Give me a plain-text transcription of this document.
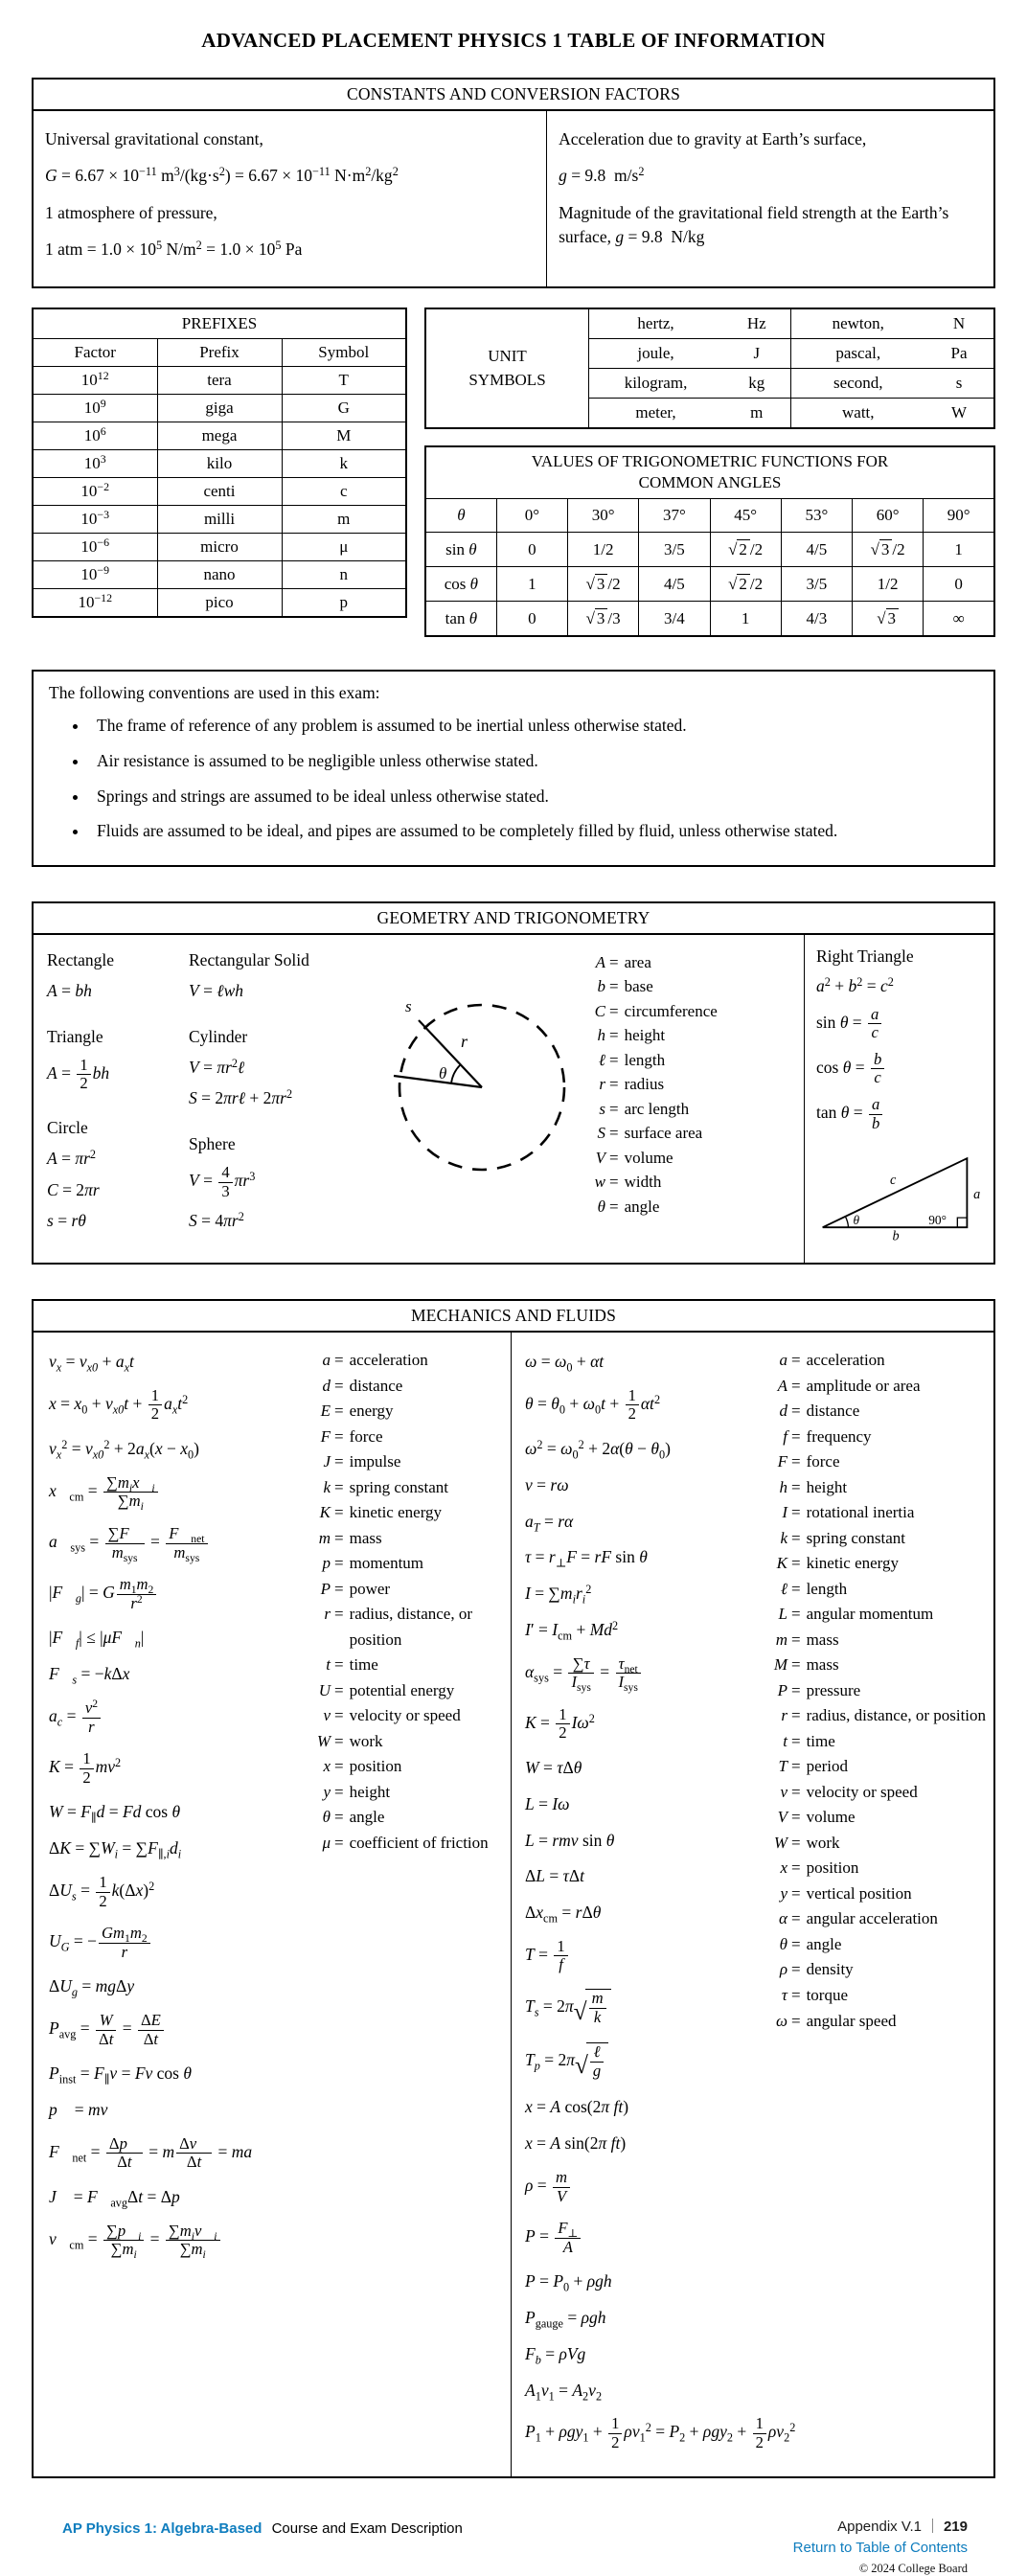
ADVANCED PLACEMENT PHYSICS 1 TABLE OF INFORMATION
CONSTANTS AND CONVERSION FACTORS
Universal gravitational constant,
$G = 6.67 \times 10^{-11}$ $m^3/(kg\cdot s^2) = 6.67 \times 10^{-11}$ $N\cdot m^2/kg^2$
1 atmosphere of pressure,
1 atm = $1.0 \times 10^5$ $N/m^2 = 1.0 \times 10^5$ Pa
Acceleration due to gravity at Earth’s surface,
g = 9.8  $m/s^2$
Magnitude of the gravitational field strength at the Earth’s surface, g = 9.8  N/kg
PREFIXES		
Factor	Prefix	Symbol
$10^{12}$	tera	T
$10^9$	giga	G
$10^6$	mega	M
$10^3$	kilo	k
$10^{-2}$	centi	c
$10^{-3}$	milli	m
$10^{-6}$	micro	μ
$10^{-9}$	nano	n
$10^{-12}$	pico	p
UNIT
SYMBOLS
hertz,	Hz	newton,	N
joule,	J	pascal,	Pa
kilogram,	kg	second,	s
meter,	m	watt,	W
VALUES OF TRIGONOMETRIC FUNCTIONS FOR
COMMON ANGLES							
θ	0°	30°	37°	45°	53°	60°	90°
sin θ	0	1/2	3/5	√ 2 /2	4/5	√ 3 /2	1
cos θ	1	√ 3 /2	4/5	√ 2 /2	3/5	1/2	0
tan θ	0	√ 3 /3	3/4	1	4/3	√ 3	∞
The following conventions are used in this exam:
• The frame of reference of any problem is assumed to be inertial unless otherwise stated.
• Air resistance is assumed to be negligible unless otherwise stated.
• Springs and strings are assumed to be ideal unless otherwise stated.
• Fluids are assumed to be ideal, and pipes are assumed to be completely filled by fluid, unless otherwise stated.
GEOMETRY AND TRIGONOMETRY
Rectangle
A = bh
Triangle
$A = \frac{1}{2}$ bh
Circle
$A = \pi r^2$
C = 2πr
s = rθ
Rectangular Solid
V = ℓwh
Cylinder
$V = \pi r^2\ell$
S = 2πrℓ + $2\pi r^2$
Sphere
$V = \frac{4}{3} \pi r^3$
$S = 4\pi r^2$
s
θ
r
A = area
b = base
C = circumference
h = height
ℓ = length
r = radius
s = arc length
S = surface area
V = volume
w = width
θ = angle
Right Triangle
$a^2 + b^2 = c^2$
$\sin \theta = \frac{a}{c}$
$\cos \theta = \frac{b}{c}$
$\tan \theta = \frac{a}{b}$
c
a
b
θ	90°
MECHANICS AND FLUIDS
$v_x = v_{x0} + a_xt$
$x = x_0 + v_{x0}t + \frac{1}{2} a_xt^2$
$v_x^2 = v_{x0}^2 + 2a_x(x - x_0)$
$x⃗_{cm}$ = $\sum m_ix⃗_i$
$\sum m_i$
$a⃗_{sys}$ = ∑F⃗
$m_{sys}$
= $F⃗_{net}$
$m_{sys}$
$|F⃗_g| = G \frac{m_1m_2}{r^2}$
$|F⃗_f|$ ≤ $|\mu F⃗_n|$
$F⃗_s$ = −kΔx⃗
$a_c = \frac{v^2}{r}$
$K = \frac{1}{2} mv^2$
$W = F_\parallel d = Fd$ cos θ
$\Delta K = \sum W_i = \sum F_{\parallel,i}d_i$
$\Delta U_s = \frac{1}{2} k(\Delta x)^2$
$U_G$ = − $\frac{Gm_1m_2}{r}$
$\Delta U_g = mg\Delta y$
$P_{avg} = \frac{W}{\Delta t} = \frac{\Delta E}{\Delta t}$
$P_{inst} = F_\parallel v = Fv$ cos θ
p⃗ = mv⃗
$F⃗_{net} = \frac{\Delta p⃗}{\Delta t} = m \frac{\Delta v⃗}{\Delta t}$ = ma⃗
J⃗ = $F⃗_{avg}\Delta t$ = Δp⃗
$v⃗_{cm} = \frac{\sum p⃗_i}{\sum m_i}$ = $\sum m_iv⃗_i$
$\sum m_i$
a = acceleration
d = distance
E = energy
F = force
J = impulse
k = spring constant
K = kinetic energy
m = mass
p = momentum
P = power
r = radius, distance, or position
t = time
U = potential energy
v = velocity or speed
W = work
x = position
y = height
θ = angle
μ = coefficient of friction
$\omega = \omega_0 + \alpha t$
$\theta = \theta_0 + \omega_0t + \frac{1}{2} \alpha t^2$
$\omega^2 = \omega_0^2 + 2\alpha(\theta - \theta_0)$
v = rω
$a_T = r\alpha$
$\tau = r_\perp F$ = rF sin θ
$I = \sum m_ir_i^2$
$I' = I_{cm} + Md^2$
$\alpha_{sys} = \sum\tau$
$I_{sys}$
= $\tau_{net}$
$I_{sys}$
$K = \frac{1}{2} I\omega^2$
W = τΔθ
L = Iω
L = rmv sin θ
ΔL = τΔt
$\Delta x_{cm} = r\Delta\theta$
$T = \frac{1}{f}$
$T_s = 2\pi√ \frac{m}{k}$
$T_p = 2\pi√$
ℓ
g
x = A cos(2π ft)
x = A sin(2π ft)
$\rho = \frac{m}{V}$
$P = \frac{F_\perp}{A}$
$P = P_0 + \rho gh$
$P_{gauge} = \rho gh$
$F_b = \rho Vg$
$A_1v_1 = A_2v_2$
$P_1 + \rho gy_1 + \frac{1}{2} \rho v_1^2 = P_2 + \rho gy_2 + \frac{1}{2} \rho v_2^2$
a = acceleration
A = amplitude or area
d = distance
f = frequency
F = force
h = height
I = rotational inertia
k = spring constant
K = kinetic energy
ℓ = length
L = angular momentum
m = mass
M = mass
P = pressure
r = radius, distance, or position
t = time
T = period
v = velocity or speed
V = volume
W = work
x = position
y = vertical position
α = angular acceleration
θ = angle
ρ = density
τ = torque
ω = angular speed
AP Physics 1: Algebra-Based Course and Exam Description	Appendix V.1 219
Return to Table of Contents
© 2024 College Board
